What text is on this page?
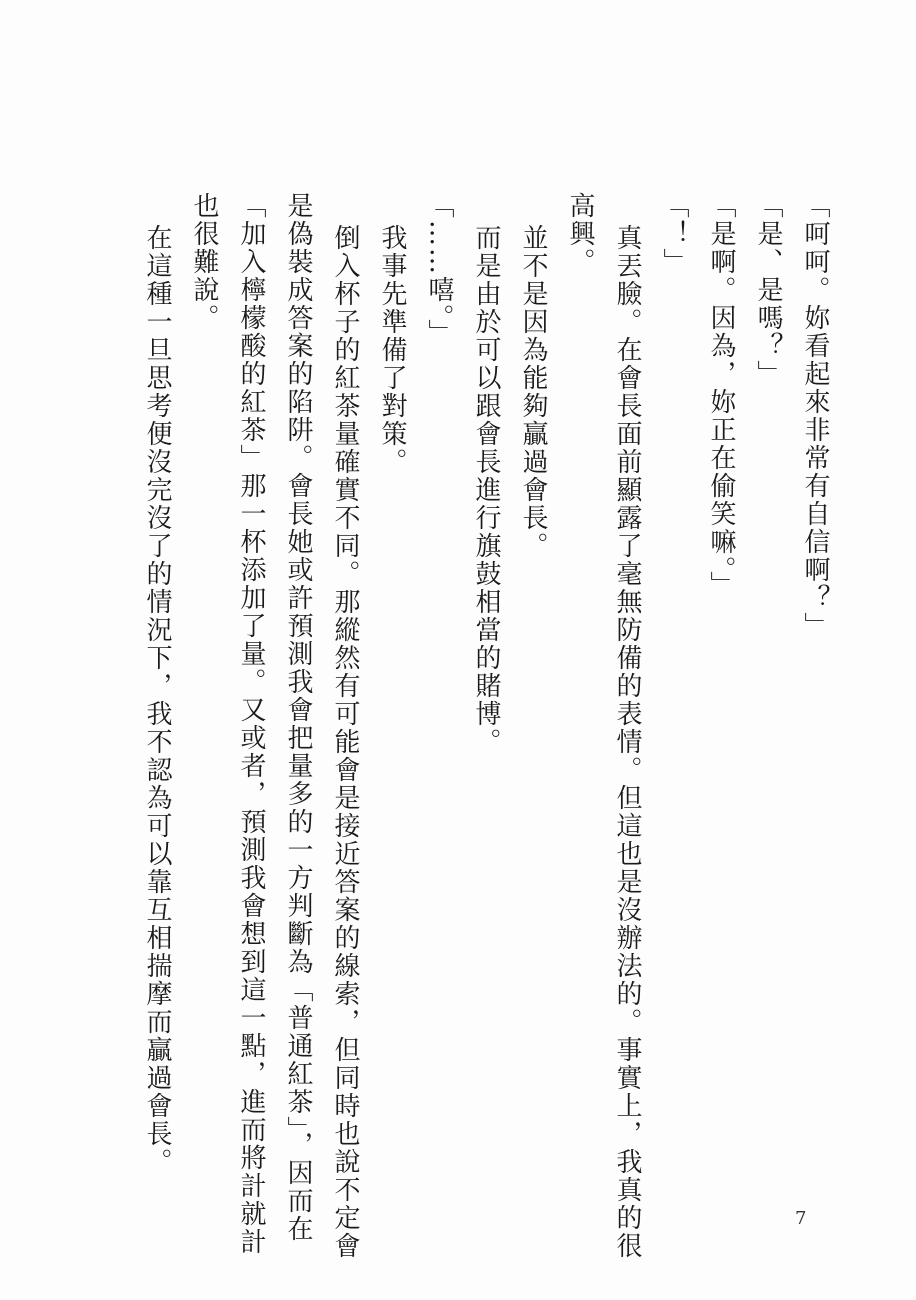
「呵呵。妳看起來非常有自信啊？」
「是、是嗎？」
「是啊。因為，妳正在偷笑嘛。」
「！」
真丟臉。在會長面前顯露了毫無防備的表情。但這也是沒辦法的。事實上，我真的很
高興。
並不是因為能夠贏過會長。
而是由於可以跟會長進行旗鼓相當的賭博。
「……嘻。」
我事先準備了對策。
倒入杯子的紅茶量確實不同。那縱然有可能會是接近答案的線索，但同時也說不定會
是偽裝成答案的陷阱。會長她或許預測我會把量多的一方判斷為「普通紅茶」，因而在
「加入檸檬酸的紅茶」那一杯添加了量。又或者，預測我會想到這一點，進而將計就計
也很難說。
在這種一旦思考便沒完沒了的情況下，我不認為可以靠互相揣摩而贏過會長。
7
